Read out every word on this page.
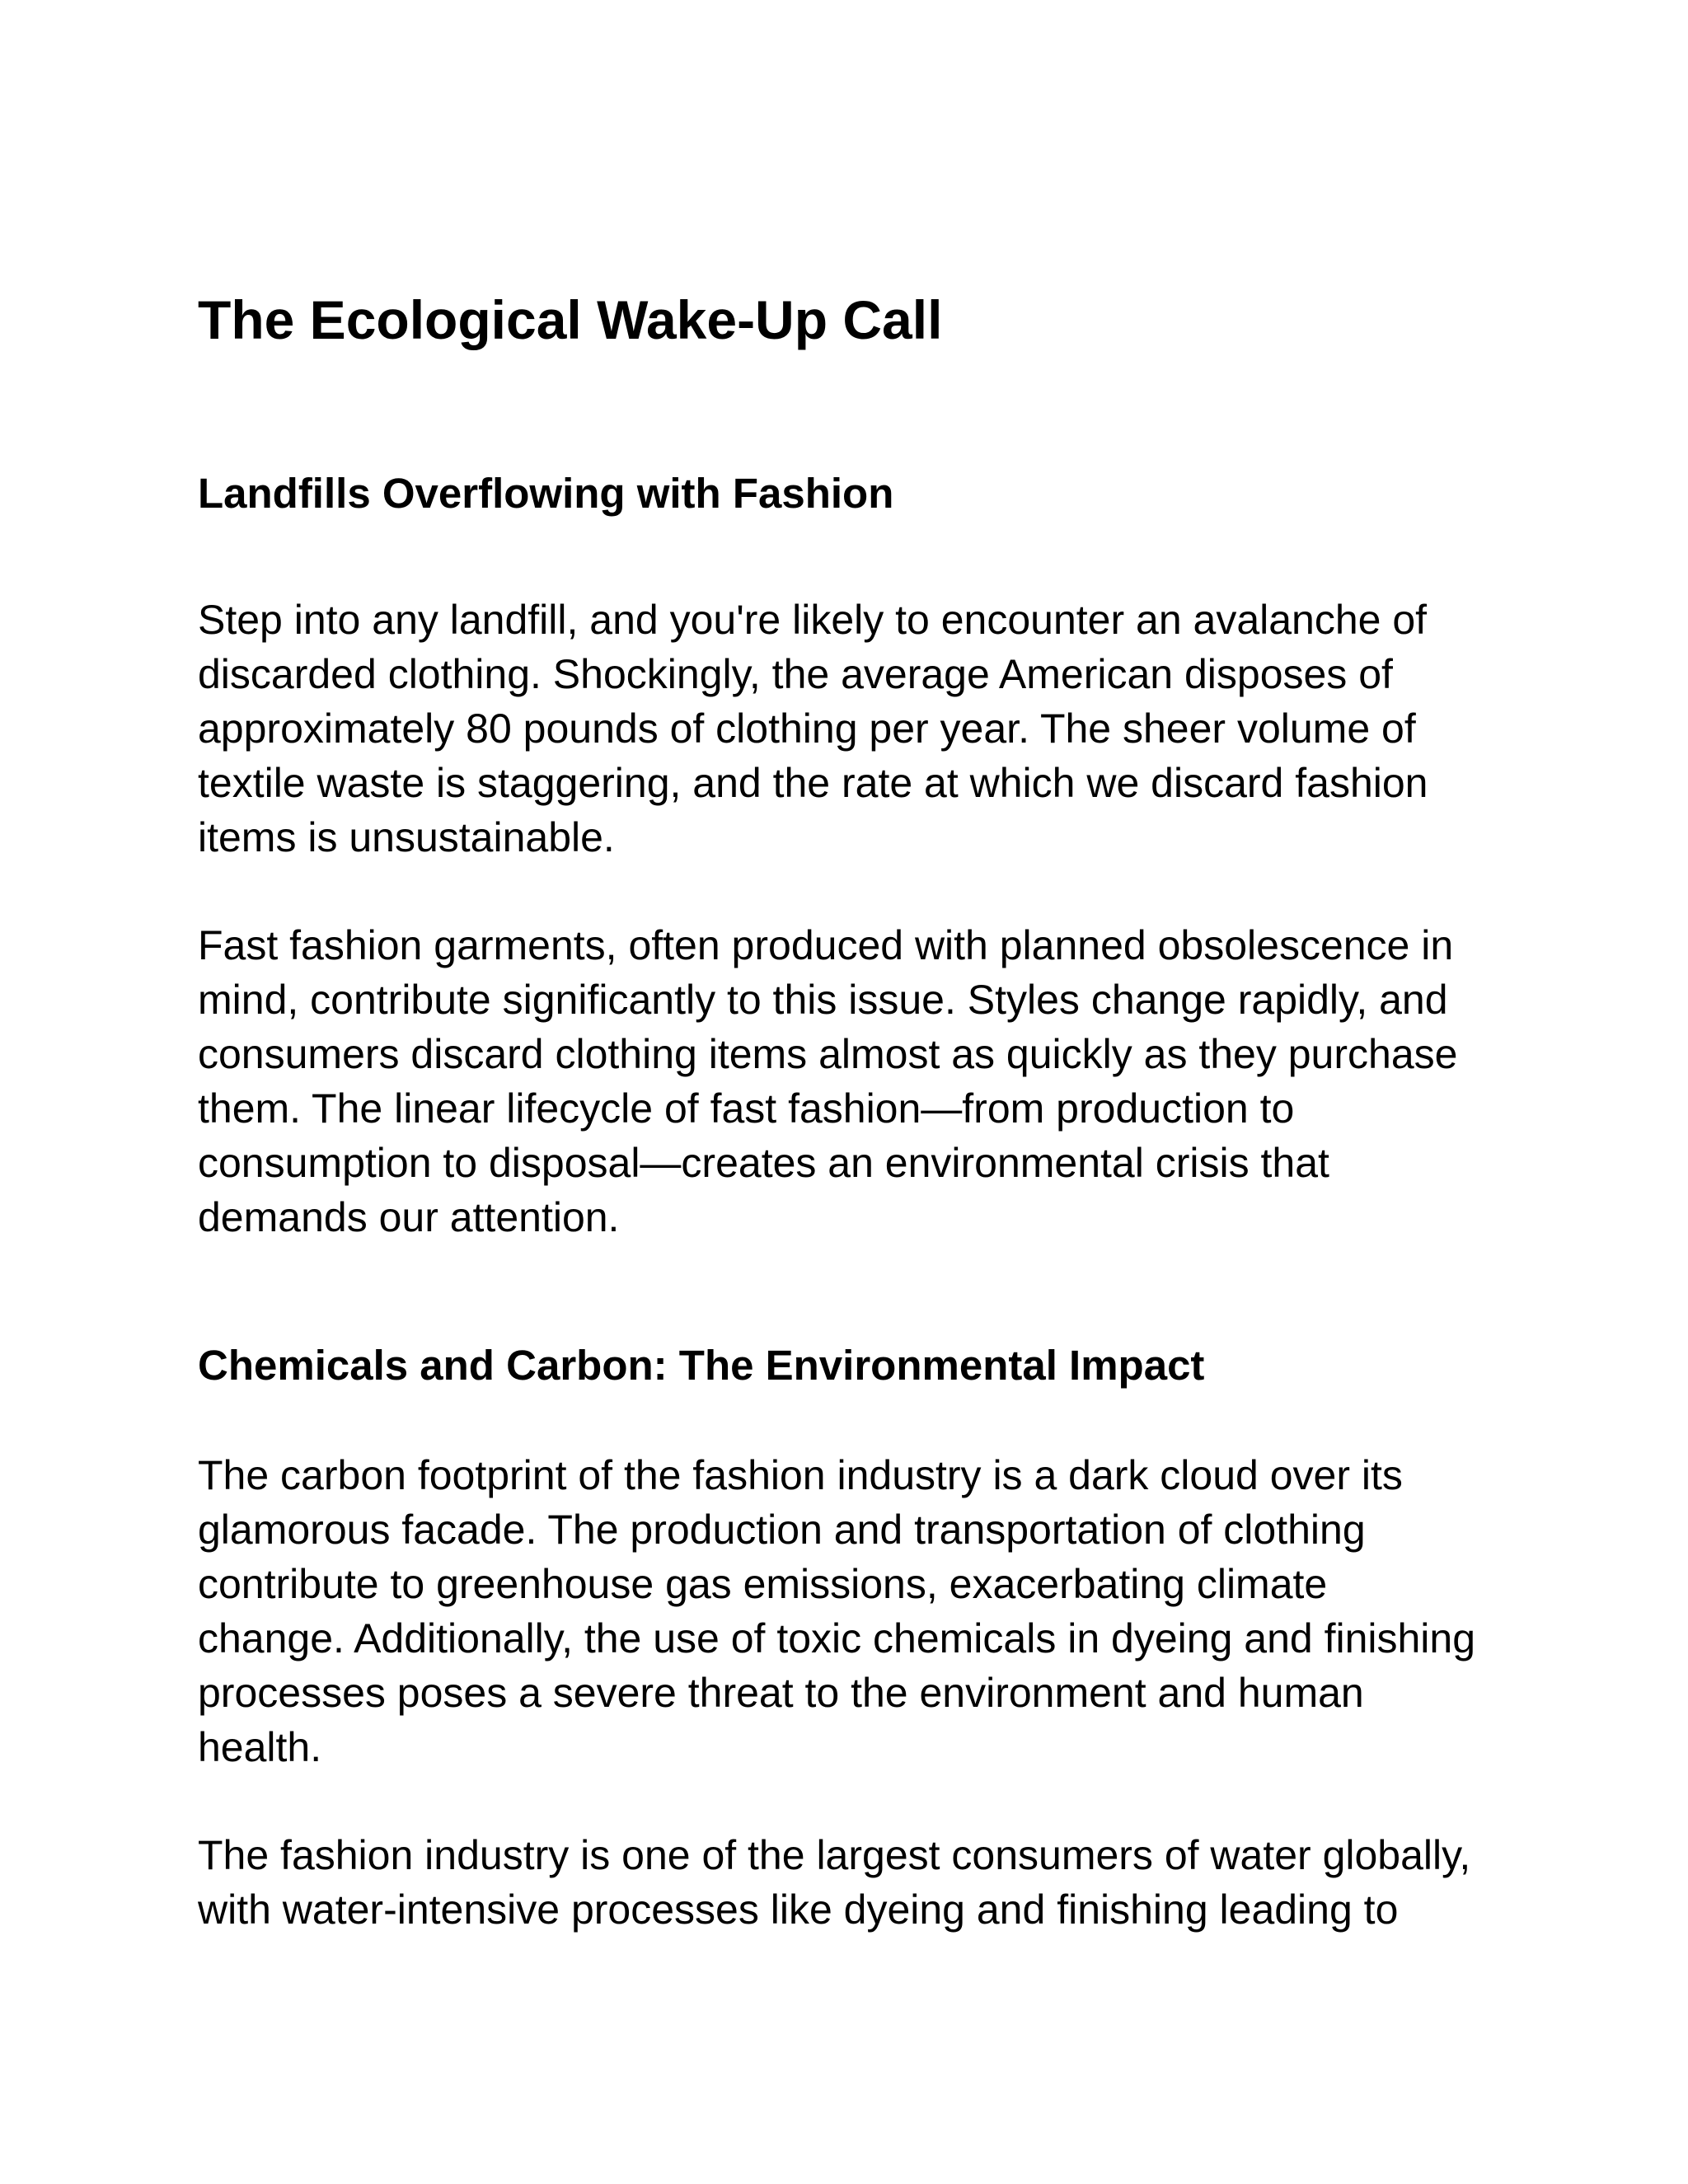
The Ecological Wake-Up Call
Landfills Overflowing with Fashion

Step into any landfill, and you're likely to encounter an avalanche of
discarded clothing. Shockingly, the average American disposes of
approximately 80 pounds of clothing per year. The sheer volume of
textile waste is staggering, and the rate at which we discard fashion
items is unsustainable.

Fast fashion garments, often produced with planned obsolescence in
mind, contribute significantly to this issue. Styles change rapidly, and
consumers discard clothing items almost as quickly as they purchase
them. The linear lifecycle of fast fashion—from production to
consumption to disposal—creates an environmental crisis that
demands our attention.

Chemicals and Carbon: The Environmental Impact

The carbon footprint of the fashion industry is a dark cloud over its
glamorous facade. The production and transportation of clothing
contribute to greenhouse gas emissions, exacerbating climate
change. Additionally, the use of toxic chemicals in dyeing and finishing
processes poses a severe threat to the environment and human
health.

The fashion industry is one of the largest consumers of water globally,
with water-intensive processes like dyeing and finishing leading to
